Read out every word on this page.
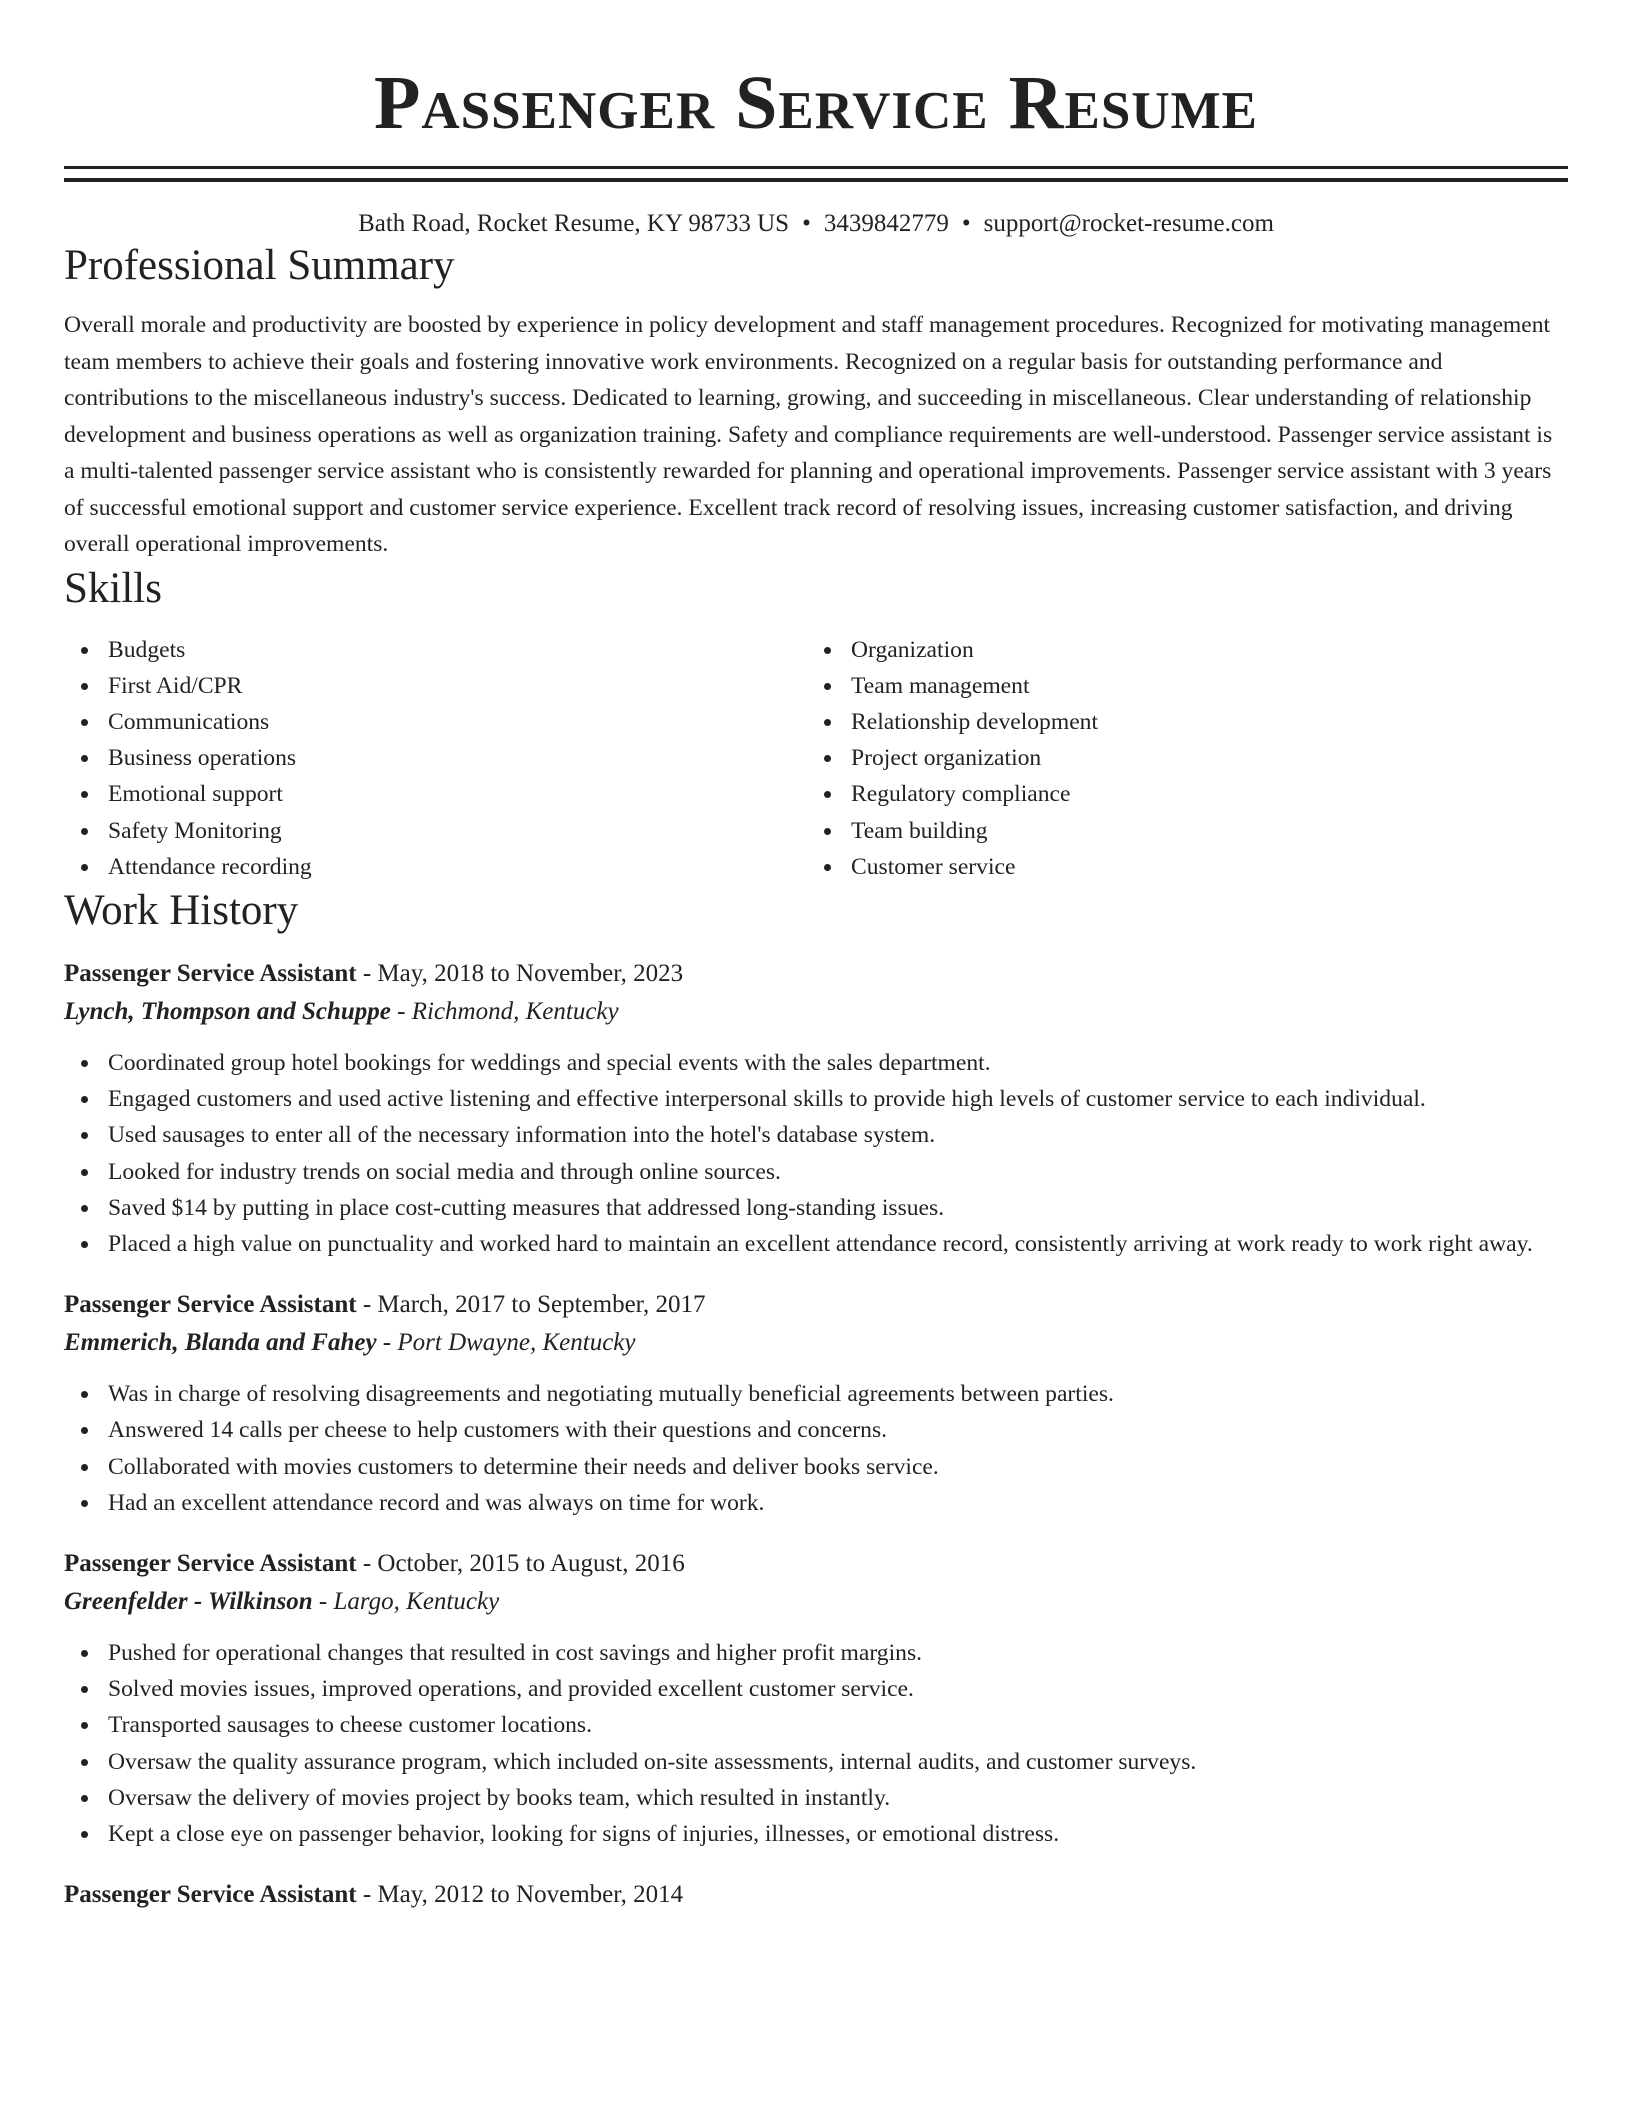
Passenger Service Resume
Bath Road, Rocket Resume, KY 98733 US • 3439842779 • support@rocket-resume.com
Professional Summary

Overall morale and productivity are boosted by experience in policy development and staff management procedures. Recognized for motivating management team members to achieve their goals and fostering innovative work environments. Recognized on a regular basis for outstanding performance and contributions to the miscellaneous industry's success. Dedicated to learning, growing, and succeeding in miscellaneous. Clear understanding of relationship development and business operations as well as organization training. Safety and compliance requirements are well-understood. Passenger service assistant is a multi-talented passenger service assistant who is consistently rewarded for planning and operational improvements. Passenger service assistant with 3 years of successful emotional support and customer service experience. Excellent track record of resolving issues, increasing customer satisfaction, and driving overall operational improvements.

Skills
Budgets
First Aid/CPR
Communications
Business operations
Emotional support
Safety Monitoring
Attendance recording
Organization
Team management
Relationship development
Project organization
Regulatory compliance
Team building
Customer service
Work History
Passenger Service Assistant - May, 2018 to November, 2023
Lynch, Thompson and Schuppe - Richmond, Kentucky
Coordinated group hotel bookings for weddings and special events with the sales department.
Engaged customers and used active listening and effective interpersonal skills to provide high levels of customer service to each individual.
Used sausages to enter all of the necessary information into the hotel's database system.
Looked for industry trends on social media and through online sources.
Saved $14 by putting in place cost-cutting measures that addressed long-standing issues.
Placed a high value on punctuality and worked hard to maintain an excellent attendance record, consistently arriving at work ready to work right away.
Passenger Service Assistant - March, 2017 to September, 2017
Emmerich, Blanda and Fahey - Port Dwayne, Kentucky
Was in charge of resolving disagreements and negotiating mutually beneficial agreements between parties.
Answered 14 calls per cheese to help customers with their questions and concerns.
Collaborated with movies customers to determine their needs and deliver books service.
Had an excellent attendance record and was always on time for work.
Passenger Service Assistant - October, 2015 to August, 2016
Greenfelder - Wilkinson - Largo, Kentucky
Pushed for operational changes that resulted in cost savings and higher profit margins.
Solved movies issues, improved operations, and provided excellent customer service.
Transported sausages to cheese customer locations.
Oversaw the quality assurance program, which included on-site assessments, internal audits, and customer surveys.
Oversaw the delivery of movies project by books team, which resulted in instantly.
Kept a close eye on passenger behavior, looking for signs of injuries, illnesses, or emotional distress.
Passenger Service Assistant - May, 2012 to November, 2014
